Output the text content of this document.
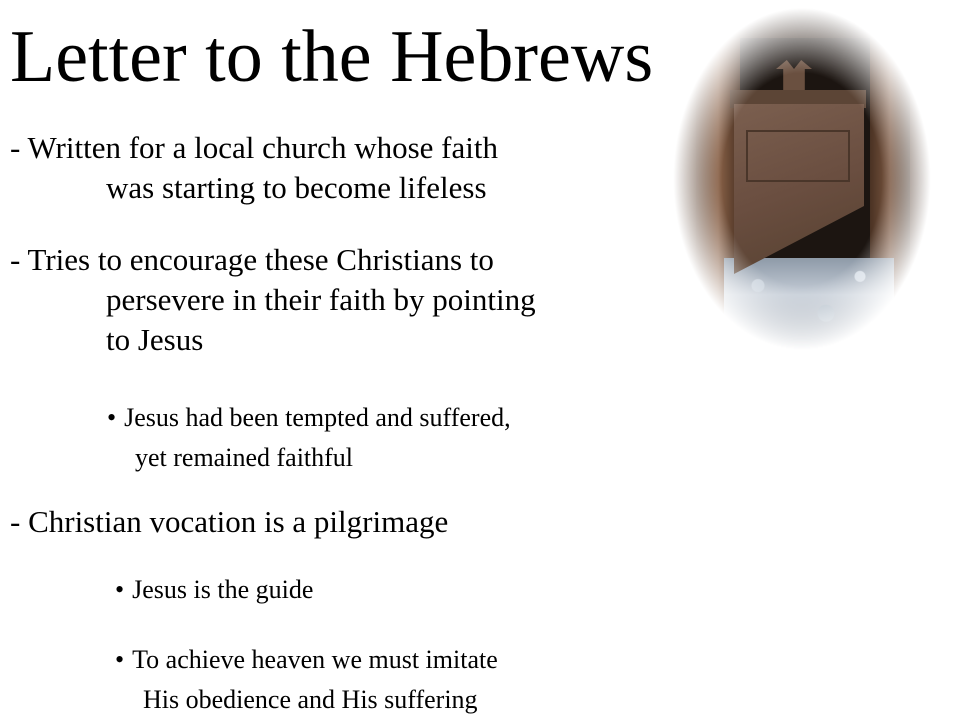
Letter to the Hebrews
- Written for a local church whose faith
was starting to become lifeless
- Tries to encourage these Christians to
persevere in their faith by pointing
to Jesus
• Jesus had been tempted and suffered,
yet remained faithful
- Christian vocation is a pilgrimage
• Jesus is the guide
• To achieve heaven we must imitate
His obedience and His suffering
